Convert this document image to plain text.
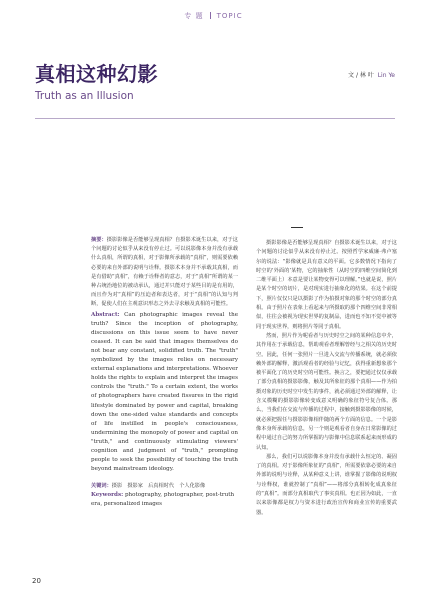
专 题 TOPIC
真相这种幻影
Truth as an Illusion
文 / 林 叶 Lin Ye

摘要：摄影影像是否能够呈现真相？自摄影术诞生以来，对于这个问题的讨论似乎从来没有停止过。可以说影像本身并没有承载什么真相，所谓的真相，对于影像所承载的“真相”，则需要依赖必要的来自外部的说明与诠释。摄影术本身并不承载其真相，而是有借助“真相”，有赖于诠释者的意志，对于“真相”所谓的某一种占统治地位的被动承认，通过并只能对于某些目的是有用的，而且作为对“真相”的压迫者和表达者，对于“真相”的认知与判断，促使人们在主观意识形态之外去寻求触及真相的可能性。

Abstract: Can photographic images reveal the truth? Since the inception of photography, discussions on this issue seem to have never ceased. It can be said that images themselves do not bear any constant, solidified truth. The "truth" symbolized by the images relies on necessary external explanations and interpretations. Whoever holds the rights to explain and interpret the images controls the "truth." To a certain extent, the works of photographers have created fissures in the rigid lifestyle dominated by power and capital, breaking down the one-sided value standards and concepts of life instilled in people's consciousness, undermining the monopoly of power and capital on "truth," and continuously stimulating viewers' cognition and judgment of "truth," prompting people to seek the possibility of touching the truth beyond mainstream ideology.

关键词：摄影　摄影家　后真相时代　个人化影像

Keywords: photography, photographer, post-truth era, personalized images

摄影影像是否能够呈现真相？自摄影术诞生以来，对于这个问题的讨论似乎从来没有停止过。按照哲学家威廉·弗卢塞尔的说法：“影像就是具有意义的平面。它多数情况下指向了时空的‘外面的’某物，它的抽象性（从时空的四维空间简化到二维平面上）本意是要让某物变得可以理解。”也就是说，照片是某个时空的切片，是对现实进行抽象化的结果。在这个前提下，照片仅仅只是以摄影了作为拍摄对象的那个时空的部分真相。由于照片在表象上看起来与所摄取的那个四维空间非常相似，往往会被视为现实世界的复制品，进而也不知不觉中被等同于现实世界，则将照片等同于真相。

然而，照片作为呢看者与历史时空之间的某种信息中介，其作用在于承载信息，帮助观看者理解曾经与之相关的历史时空。因此，任何一张照片一旦进入交流与传播系统，就必须依赖外部的解释，激活观看者的经验与记忆，获得重新想象那个被平面化了的历史时空的可能性。换言之，要把通过仅仅承载了部分真相的摄影影像，触及其所象征的那个真相——作为拍摄对象的历史时空中发生的事件，就必须通过外部的解释，让含义模糊的摄影影像转变成意义明确的象征符号复合体。那么，当我们在交流与传播的过程中，接触到摄影影像的时候，就必须把握任与摄影影像相伴随的两个方面的信息。一个是影像本身所承载的信息，另一个则是观看者自身在日常影像的过程中通过自己的努力所掌握的与影像中信息联系起来而形成的认知。

那么，我们可以说影像本身并没有承载什么恒定的、凝固了的真相。对于影像所象征的“真相”，所需要依靠必要的来自外部的说明与诠释，从某种意义上讲，谁掌握了影像的说明权与诠释权，谁就控制了“真相”——将部分真相转化成真象征的“真相”。而部分真相取代了事实真相。也正因为如此，一直以来影像都是权力与资本进行政治宣传和商业宣传的重要武器。

20
